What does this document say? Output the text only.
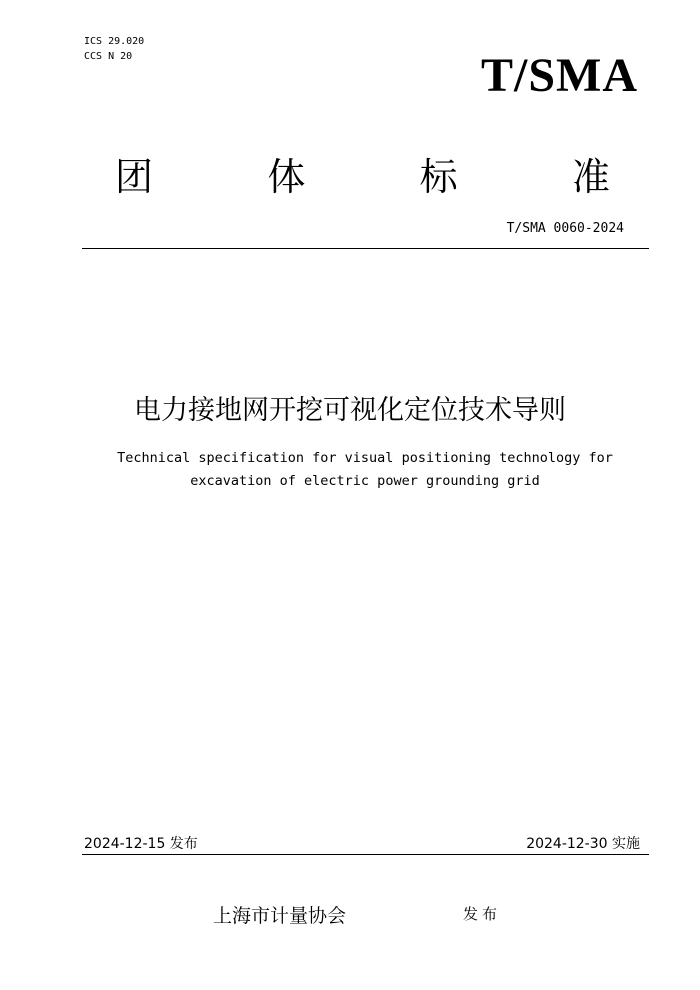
ICS 29.020
CCS N 20	T/SMA
团	体	标	准
T/SMA 0060-2024
电力接地网开挖可视化定位技术导则
Technical specification for visual positioning technology for
excavation of electric power grounding grid
2024-12-15 发布	2024-12-30 实施
上海市计量协会	发布
